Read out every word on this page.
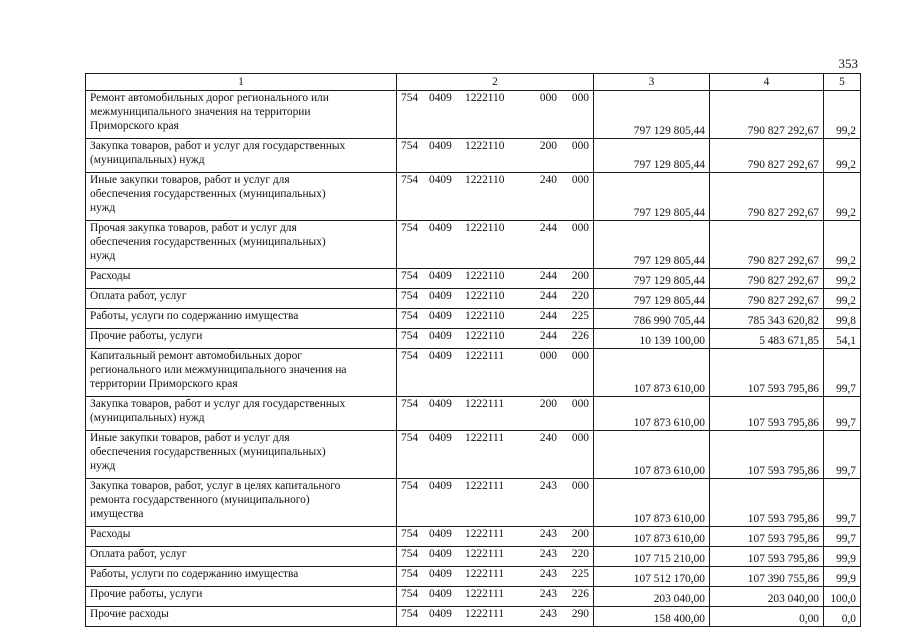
353
1	2	3	4	5
Ремонт автомобильных дорог регионального или
межмуниципального значения на территории
Приморского края	754 0409 1222110 000 000	797 129 805,44	790 827 292,67	99,2
Закупка товаров, работ и услуг для государственных
(муниципальных) нужд	754 0409 1222110 200 000	797 129 805,44	790 827 292,67	99,2
Иные закупки товаров, работ и услуг для
обеспечения государственных (муниципальных)
нужд	754 0409 1222110 240 000	797 129 805,44	790 827 292,67	99,2
Прочая закупка товаров, работ и услуг для
обеспечения государственных (муниципальных)
нужд	754 0409 1222110 244 000	797 129 805,44	790 827 292,67	99,2
Расходы	754 0409 1222110 244 200	797 129 805,44	790 827 292,67	99,2
Оплата работ, услуг	754 0409 1222110 244 220	797 129 805,44	790 827 292,67	99,2
Работы, услуги по содержанию имущества	754 0409 1222110 244 225	786 990 705,44	785 343 620,82	99,8
Прочие работы, услуги	754 0409 1222110 244 226	10 139 100,00	5 483 671,85	54,1
Капитальный ремонт автомобильных дорог
регионального или межмуниципального значения на
территории Приморского края	754 0409 1222111 000 000	107 873 610,00	107 593 795,86	99,7
Закупка товаров, работ и услуг для государственных
(муниципальных) нужд	754 0409 1222111 200 000	107 873 610,00	107 593 795,86	99,7
Иные закупки товаров, работ и услуг для
обеспечения государственных (муниципальных)
нужд	754 0409 1222111 240 000	107 873 610,00	107 593 795,86	99,7
Закупка товаров, работ, услуг в целях капитального
ремонта государственного (муниципального)
имущества	754 0409 1222111 243 000	107 873 610,00	107 593 795,86	99,7
Расходы	754 0409 1222111 243 200	107 873 610,00	107 593 795,86	99,7
Оплата работ, услуг	754 0409 1222111 243 220	107 715 210,00	107 593 795,86	99,9
Работы, услуги по содержанию имущества	754 0409 1222111 243 225	107 512 170,00	107 390 755,86	99,9
Прочие работы, услуги	754 0409 1222111 243 226	203 040,00	203 040,00	100,0
Прочие расходы	754 0409 1222111 243 290	158 400,00	0,00	0,0
